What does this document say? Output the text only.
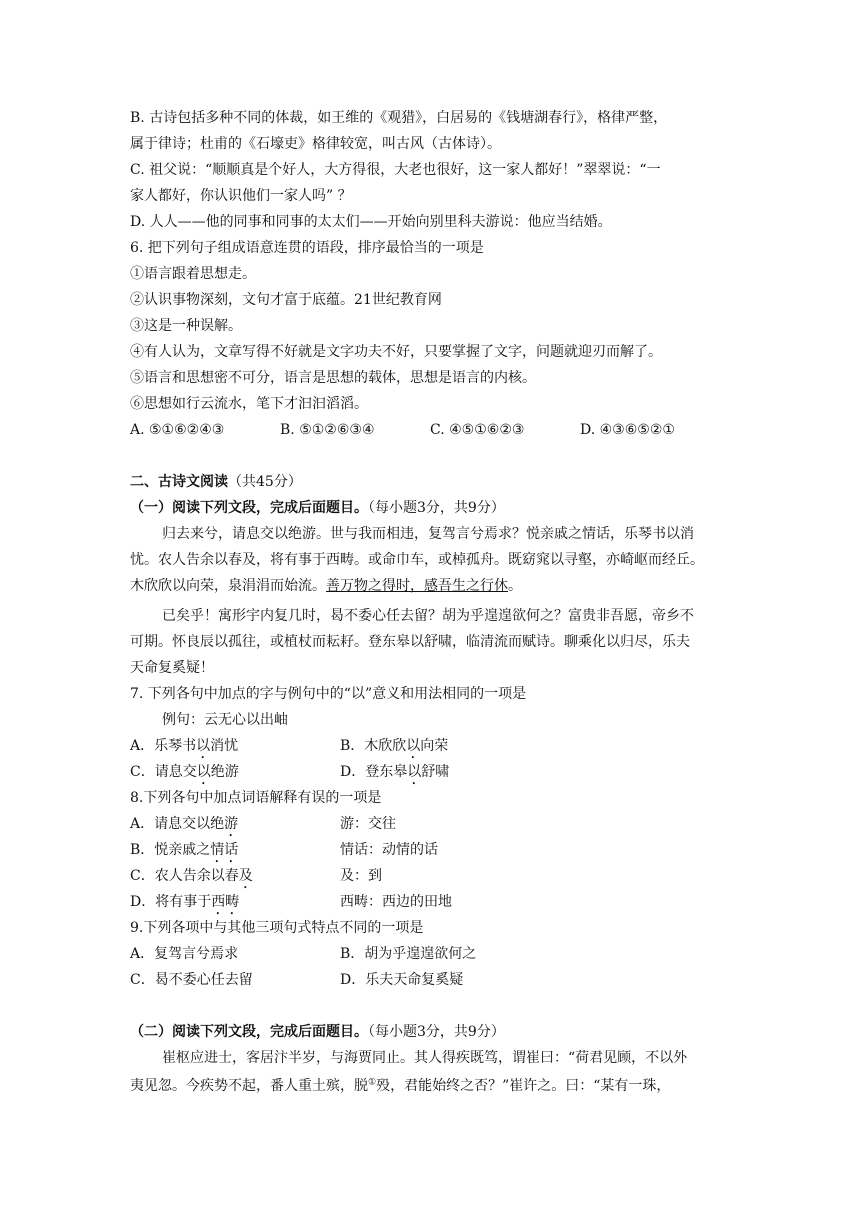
B. 古诗包括多种不同的体裁，如王维的《观猎》，白居易的《钱塘湖春行》，格律严整，
属于律诗；杜甫的《石壕吏》格律较宽，叫古风（古体诗）。
C. 祖父说：“顺顺真是个好人，大方得很，大老也很好，这一家人都好！”翠翠说：“一
家人都好，你认识他们一家人吗” ？
D. 人人——他的同事和同事的太太们——开始向别里科夫游说：他应当结婚。
6. 把下列句子组成语意连贯的语段，排序最恰当的一项是
①语言跟着思想走。
②认识事物深刻，文句才富于底蕴。21世纪教育网
③这是一种误解。
④有人认为，文章写得不好就是文字功夫不好，只要掌握了文字，问题就迎刃而解了。
⑤语言和思想密不可分，语言是思想的载体，思想是语言的内核。
⑥思想如行云流水，笔下才汩汩滔滔。
A. ⑤①⑥②④③	B. ⑤①②⑥③④	C. ④⑤①⑥②③	D. ④③⑥⑤②①
二、古诗文阅读（共45分）
（一）阅读下列文段，完成后面题目。（每小题3分，共9分）
归去来兮，请息交以绝游。世与我而相违，复驾言兮焉求？悦亲戚之情话，乐琴书以消
忧。农人告余以春及，将有事于西畴。或命巾车，或棹孤舟。既窈窕以寻壑，亦崎岖而经丘。
木欣欣以向荣，泉涓涓而始流。善万物之得时，感吾生之行休。
已矣乎！寓形宇内复几时，曷不委心任去留？胡为乎遑遑欲何之？富贵非吾愿，帝乡不
可期。怀良辰以孤往，或植杖而耘耔。登东皋以舒啸，临清流而赋诗。聊乘化以归尽，乐夫
天命复奚疑！
7. 下列各句中加点的字与例句中的“以”意义和用法相同的一项是
例句：云无心以出岫
A．乐琴书以消忧	B．木欣欣以向荣
C．请息交以绝游	D．登东皋以舒啸
8.下列各句中加点词语解释有误的一项是
A．请息交以绝游	游：交往
B．悦亲戚之情话	情话：动情的话
C．农人告余以春及	及：到
D．将有事于西畴	西畴：西边的田地
9.下列各项中与其他三项句式特点不同的一项是
A．复驾言兮焉求	B．胡为乎遑遑欲何之
C．曷不委心任去留	D．乐夫天命复奚疑
（二）阅读下列文段，完成后面题目。（每小题3分，共9分）
崔枢应进士，客居汴半岁，与海贾同止。其人得疾既笃，谓崔曰：“荷君见顾，不以外
夷见忽。今疾势不起，番人重土殡，脱①殁，君能始终之否？”崔许之。曰：“某有一珠，
